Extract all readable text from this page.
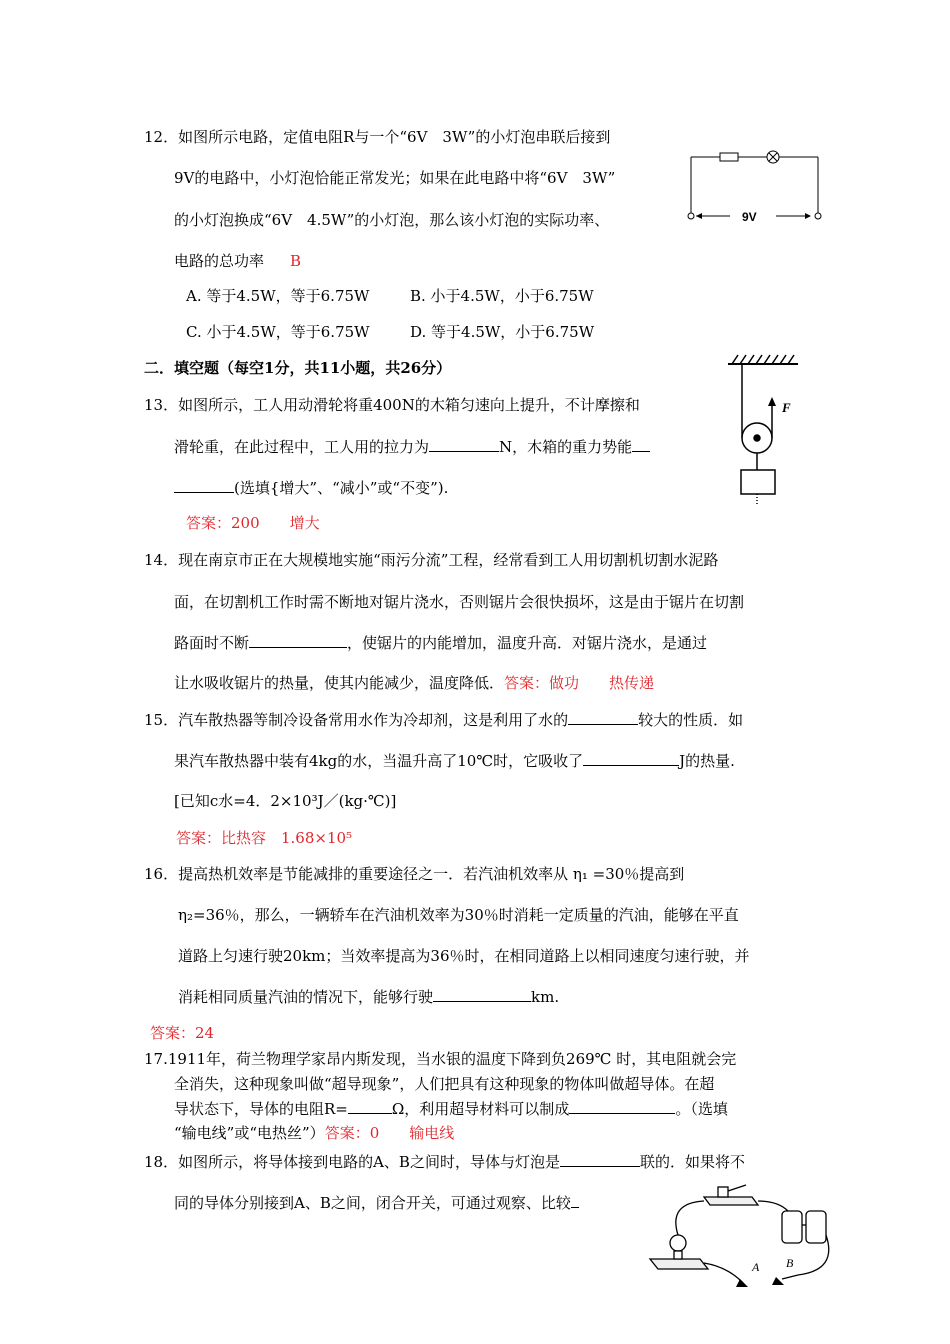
12．如图所示电路，定值电阻R与一个“6V　3W”的小灯泡串联后接到
9V的电路中，小灯泡恰能正常发光；如果在此电路中将“6V　3W”
的小灯泡换成“6V　4.5W”的小灯泡，那么该小灯泡的实际功率、
电路的总功率 B
A. 等于4.5W，等于6.75W	B. 小于4.5W，小于6.75W
C. 小于4.5W，等于6.75W	D. 等于4.5W，小于6.75W
9V
二．填空题（每空1分，共11小题，共26分）
13．如图所示，工人用动滑轮将重400N的木箱匀速向上提升，不计摩擦和
滑轮重，在此过程中，工人用的拉力为	N，木箱的重力势能
(选填{增大”、“减小”或“不变”).
答案：200　　增大
F
14．现在南京市正在大规模地实施“雨污分流”工程，经常看到工人用切割机切割水泥路
面，在切割机工作时需不断地对锯片浇水，否则锯片会很快损坏，这是由于锯片在切割
路面时不断	，使锯片的内能增加，温度升高．对锯片浇水，是通过
让水吸收锯片的热量，使其内能减少，温度降低．答案：做功　　热传递
15．汽车散热器等制冷设备常用水作为冷却剂，这是利用了水的	较大的性质．如
果汽车散热器中装有4kg的水，当温升高了10℃时，它吸收了	J的热量.
[已知c水=4．2×10³J／(kg·℃)]
答案：比热容　1.68×10⁵
16．提高热机效率是节能减排的重要途径之一．若汽油机效率从 η₁ =30％提高到
η₂=36％，那么，一辆轿车在汽油机效率为30％时消耗一定质量的汽油，能够在平直
道路上匀速行驶20km；当效率提高为36％时，在相同道路上以相同速度匀速行驶，并
消耗相同质量汽油的情况下，能够行驶	km.
答案：24
17.1911年，荷兰物理学家昂内斯发现，当水银的温度下降到负269℃ 时，其电阻就会完
全消失，这种现象叫做“超导现象”，人们把具有这种现象的物体叫做超导体。在超
导状态下，导体的电阻R=	Ω，利用超导材料可以制成	。（选填
“输电线”或“电热丝”）答案：0　　输电线
18．如图所示，将导体接到电路的A、B之间时，导体与灯泡是	联的．如果将不
同的导体分别接到A、B之间，闭合开关，可通过观察、比较
A B
